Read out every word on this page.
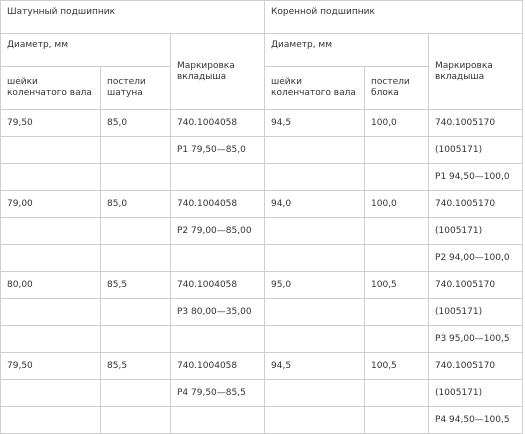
Шатунный подшипник			Коренной подшипник		
Диаметр, мм		Маркировка вкладыша	Диаметр, мм		Маркировка вкладыша
шейки коленчатого вала	постели шатуна		шейки коленчатого вала	постели блока	
79,50	85,0	740.1004058	94,5	100,0	740.1005170
		Р1 79,50—85,0			(1005171)
					Р1 94,50—100,0
79,00	85,0	740.1004058	94,0	100,0	740.1005170
		Р2 79,00—85,00			(1005171)
					Р2 94,00—100,0
80,00	85,5	740.1004058	95,0	100,5	740.1005170
		Р3 80,00—35,00			(1005171)
					Р3 95,00—100,5
79,50	85,5	740.1004058	94,5	100,5	740.1005170
		Р4 79,50—85,5			(1005171)
					Р4 94,50—100,5
